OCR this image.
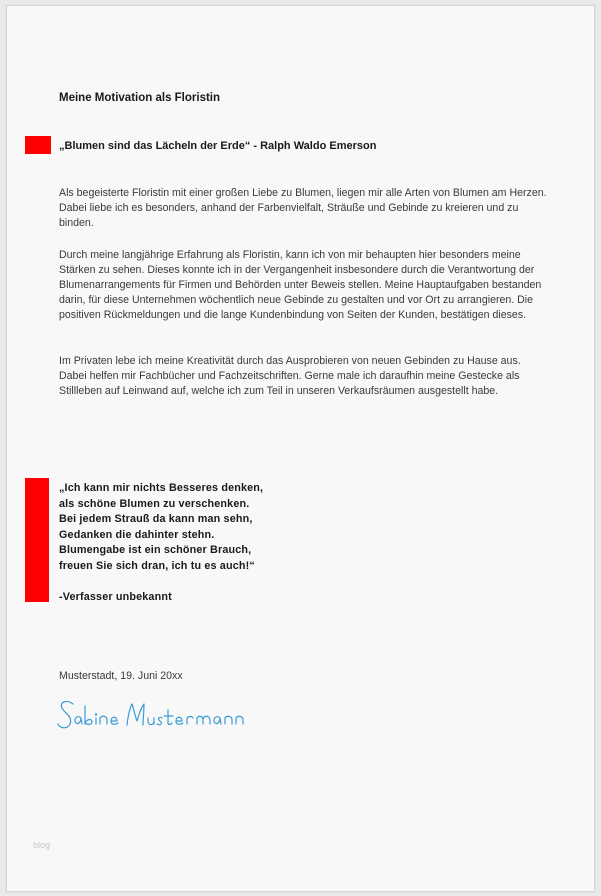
Meine Motivation als Floristin
„Blumen sind das Lächeln der Erde“ - Ralph Waldo Emerson
Als begeisterte Floristin mit einer großen Liebe zu Blumen, liegen mir alle Arten von Blumen am Herzen. Dabei liebe ich es besonders, anhand der Farbenvielfalt, Sträuße und Gebinde zu kreieren und zu binden.
Durch meine langjährige Erfahrung als Floristin, kann ich von mir behaupten hier besonders meine Stärken zu sehen. Dieses konnte ich in der Vergangenheit insbesondere durch die Verantwortung der Blumenarrangements für Firmen und Behörden unter Beweis stellen. Meine Hauptaufgaben bestanden darin, für diese Unternehmen wöchentlich neue Gebinde zu gestalten und vor Ort zu arrangieren. Die positiven Rückmeldungen und die lange Kundenbindung von Seiten der Kunden, bestätigen dieses.
Im Privaten lebe ich meine Kreativität durch das Ausprobieren von neuen Gebinden zu Hause aus. Dabei helfen mir Fachbücher und Fachzeitschriften. Gerne male ich daraufhin meine Gestecke als Stillleben auf Leinwand auf, welche ich zum Teil in unseren Verkaufsräumen ausgestellt habe.
„Ich kann mir nichts Besseres denken,
als schöne Blumen zu verschenken.
Bei jedem Strauß da kann man sehn,
Gedanken die dahinter stehn.
Blumengabe ist ein schöner Brauch,
freuen Sie sich dran, ich tu es auch!“
-Verfasser unbekannt
Musterstadt, 19. Juni 20xx
blog
